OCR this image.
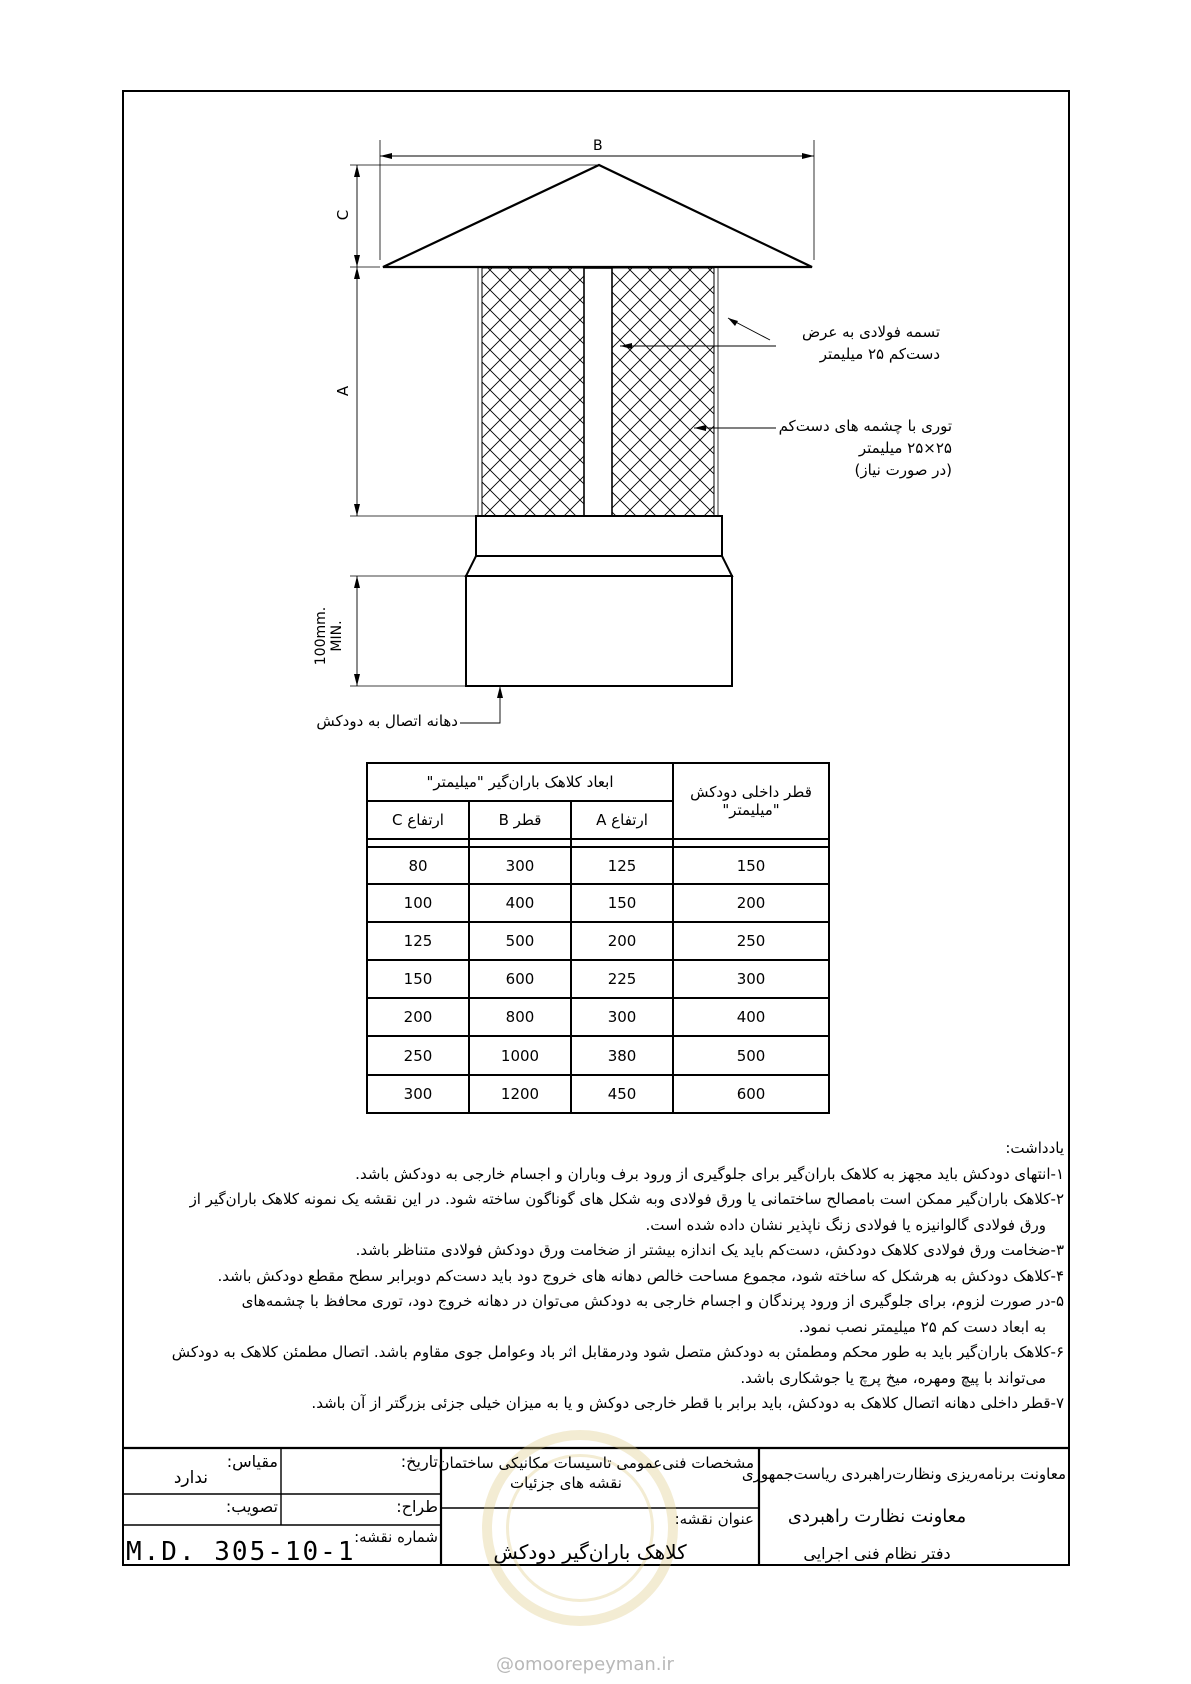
B
C
A
100mm. MIN.
تسمه فولادی به عرض
دست‌کم ۲۵ میلیمتر
توری با چشمه های دست‌کم
۲۵×۲۵ میلیمتر
(در صورت نیاز)
دهانه اتصال به دودکش
ابعاد کلاهک باران‌گیر "میلیمتر"			قطر داخلی دودکش
"میلیمتر"

ارتفاع C	قطر B	ارتفاع A	

80	300	125	150
100	400	150	200
125	500	200	250
150	600	225	300
200	800	300	400
250	1000	380	500
300	1200	450	600

یادداشت:

۱-انتهای دودکش باید مجهز به کلاهک باران‌گیر برای جلوگیری از ورود برف وباران و اجسام خارجی به دودکش باشد.

۲-کلاهک باران‌گیر ممکن است بامصالح ساختمانی یا ورق فولادی وبه شکل های گوناگون ساخته شود. در این نقشه یک نمونه کلاهک باران‌گیر از

ورق فولادی گالوانیزه یا فولادی زنگ ناپذیر نشان داده شده است.

۳-ضخامت ورق فولادی کلاهک دودکش، دست‌کم باید یک اندازه بیشتر از ضخامت ورق دودکش فولادی متناظر باشد.

۴-کلاهک دودکش به هرشکل که ساخته شود، مجموع مساحت خالص دهانه های خروج دود باید دست‌کم دوبرابر سطح مقطع دودکش باشد.

۵-در صورت لزوم، برای جلوگیری از ورود پرندگان و اجسام خارجی به دودکش می‌توان در دهانه خروج دود، توری محافظ با چشمه‌های

به ابعاد دست کم ۲۵ میلیمتر نصب نمود.

۶-کلاهک باران‌گیر باید به طور محکم ومطمئن به دودکش متصل شود ودرمقابل اثر باد وعوامل جوی مقاوم باشد. اتصال مطمئن کلاهک به دودکش

می‌تواند با پیچ ومهره، میخ پرچ یا جوشکاری باشد.

۷-قطر داخلی دهانه اتصال کلاهک به دودکش، باید برابر با قطر خارجی دوکش و یا به میزان خیلی جزئی بزرگتر از آن باشد.

معاونت برنامه‌ریزی ونظارت‌راهبردی ریاست‌جمهوری
معاونت نظارت راهبردی
دفتر نظام فنی اجرایی
مشخصات فنی‌عمومی تاسیسات مکانیکی ساختمان
نقشه های جزئیات
عنوان نقشه:
کلاهک باران‌گیر دودکش
تاریخ:
طراح:
شماره نقشه:
مقیاس:
ندارد
تصویب:
M.D. 305-10-1
@omoorepeyman.ir
